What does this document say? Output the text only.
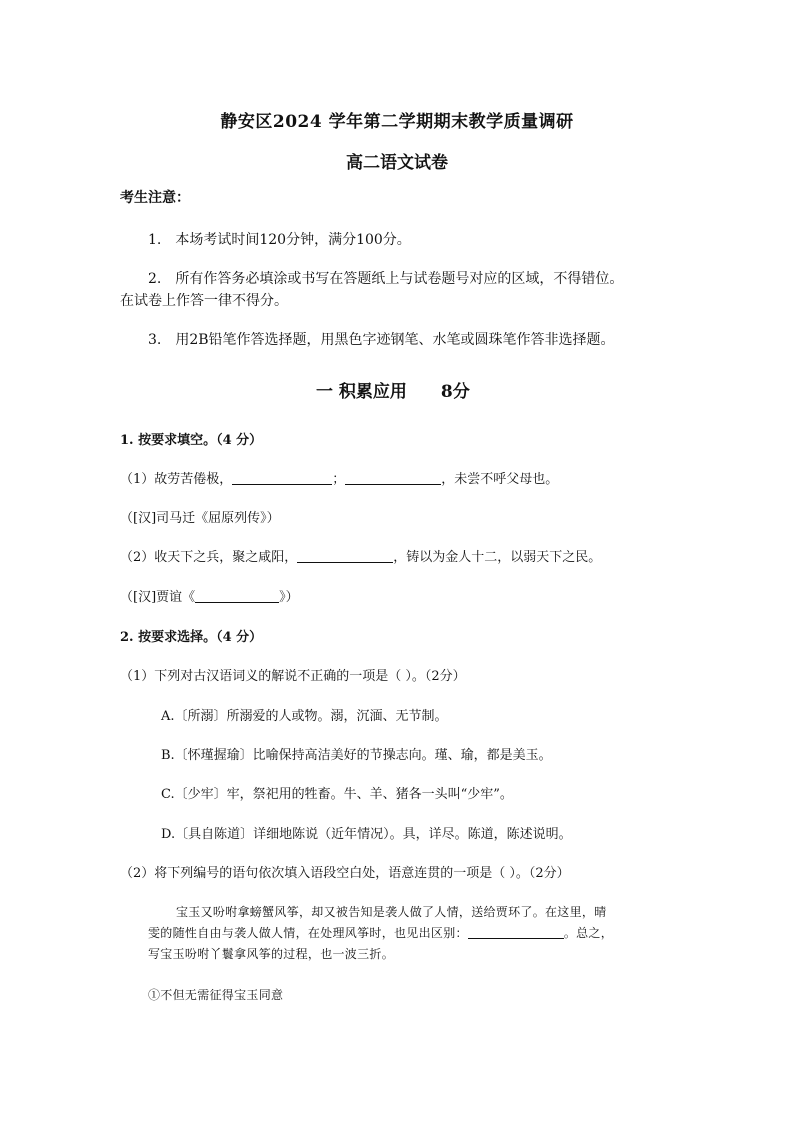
静安区2024 学年第二学期期末教学质量调研
高二语文试卷
考生注意：
1.　本场考试时间120分钟，满分100分。
2.　所有作答务必填涂或书写在答题纸上与试卷题号对应的区域，不得错位。
在试卷上作答一律不得分。
3.　用2B铅笔作答选择题，用黑色字迹钢笔、水笔或圆珠笔作答非选择题。
一 积累应用 8分
1. 按要求填空。（4 分）
（1）故劳苦倦极，	；	，未尝不呼父母也。
（[汉]司马迁《屈原列传》）
（2）收天下之兵，聚之咸阳，	，铸以为金人十二，以弱天下之民。
（[汉]贾谊《	》）
2. 按要求选择。（4 分）
（1）下列对古汉语词义的解说不正确的一项是（ ）。（2分）
A.〔所溺〕所溺爱的人或物。溺，沉湎、无节制。
B.〔怀瑾握瑜〕比喻保持高洁美好的节操志向。瑾、瑜，都是美玉。
C.〔少牢〕牢，祭祀用的牲畜。牛、羊、猪各一头叫“少牢”。
D.〔具自陈道〕详细地陈说（近年情况）。具，详尽。陈道，陈述说明。
（2）将下列编号的语句依次填入语段空白处，语意连贯的一项是（ ）。（2分）
宝玉又吩咐拿螃蟹风筝，却又被告知是袭人做了人情，送给贾环了。在这里，晴
雯的随性自由与袭人做人情，在处理风筝时，也见出区别：	。总之，
写宝玉吩咐丫鬟拿风筝的过程，也一波三折。
①不但无需征得宝玉同意
